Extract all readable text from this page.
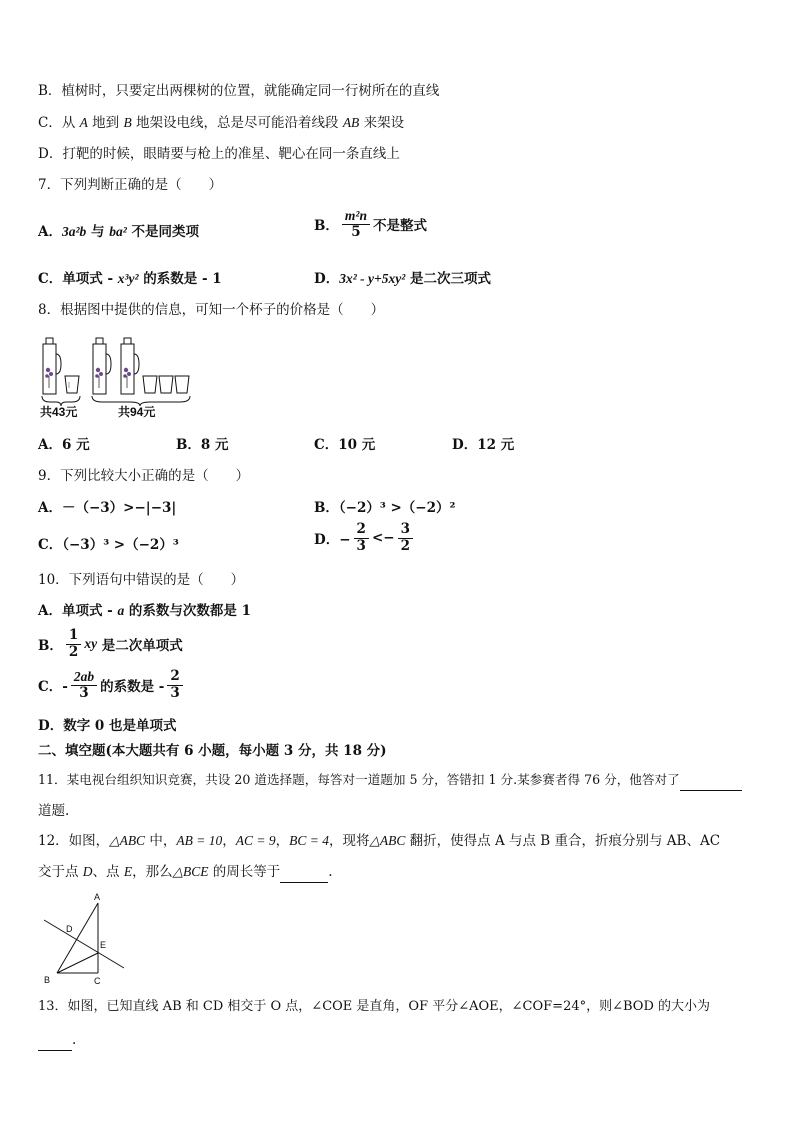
B．植树时，只要定出两棵树的位置，就能确定同一行树所在的直线
C．从 A 地到 B 地架设电线，总是尽可能沿着线段 AB 来架设
D．打靶的时候，眼睛要与枪上的准星、靶心在同一条直线上
7．下列判断正确的是（　　）
A．3a²b 与 ba² 不是同类项	B． $\frac{\text{m²n}}{5}$ 不是整式
C．单项式 - x³y² 的系数是 - 1	D．3x² - y+5xy² 是二次三项式
8．根据图中提供的信息，可知一个杯子的价格是（　　）
共43元	共94元
A．6 元	B．8 元	C．10 元	D．12 元
9．下列比较大小正确的是（　　）
A．－（−3）>−|−3|	B．（−2）³ >（−2）²
C．（−3）³ >（−2）³	D．− $\frac{2}{3} <- \frac{3}{2}$
10．下列语句中错误的是（　　）
A．单项式 - a 的系数与次数都是 1
B． $\frac{1}{2}$ xy 是二次单项式
C．- $\frac{2ab}{3}$ 的系数是 - $\frac{2}{3}$
D．数字 0 也是单项式
二、填空题(本大题共有 6 小题，每小题 3 分，共 18 分)
11．某电视台组织知识竞赛，共设 20 道选择题，每答对一道题加 5 分，答错扣 1 分.某参赛者得 76 分，他答对了
道题.
12．如图，△ABC 中，AB = 10，AC = 9，BC = 4，现将△ABC 翻折，使得点 A 与点 B 重合，折痕分别与 AB、AC
交于点 D、点 E，那么△BCE 的周长等于	.
A
D
E
B	C
13．如图，已知直线 AB 和 CD 相交于 O 点，∠COE 是直角，OF 平分∠AOE，∠COF=24°，则∠BOD 的大小为
.
